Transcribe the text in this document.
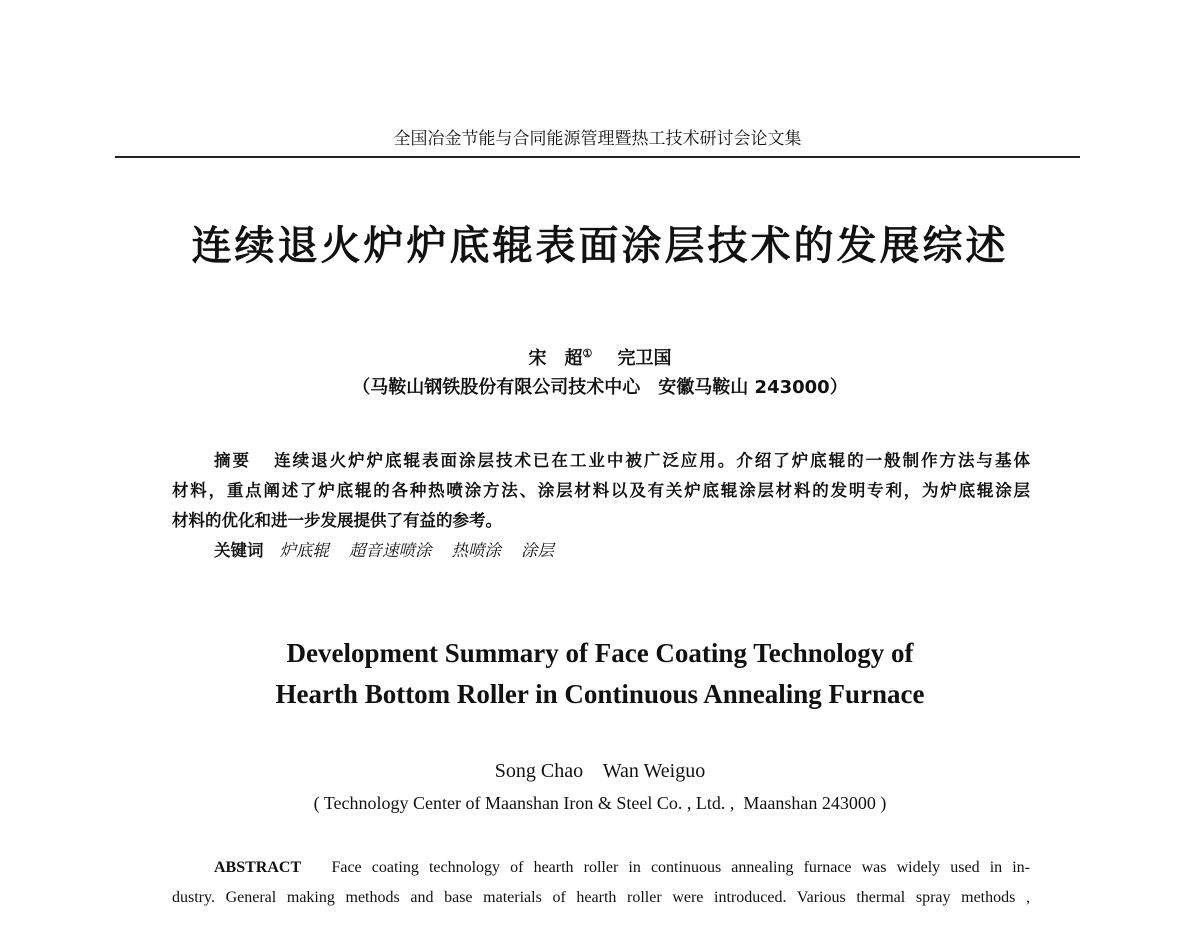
全国冶金节能与合同能源管理暨热工技术研讨会论文集
连续退火炉炉底辊表面涂层技术的发展综述
宋　超① 完卫国
（马鞍山钢铁股份有限公司技术中心　安徽马鞍山 243000）
摘要 连续退火炉炉底辊表面涂层技术已在工业中被广泛应用。介绍了炉底辊的一般制作方法与基体
材料，重点阐述了炉底辊的各种热喷涂方法、涂层材料以及有关炉底辊涂层材料的发明专利，为炉底辊涂层
材料的优化和进一步发展提供了有益的参考。
关键词 炉底辊 超音速喷涂 热喷涂 涂层
Development Summary of Face Coating Technology of
Hearth Bottom Roller in Continuous Annealing Furnace
Song Chao    Wan Weiguo
( Technology Center of Maanshan Iron & Steel Co. , Ltd. ,  Maanshan 243000 )
ABSTRACT Face coating technology of hearth roller in continuous annealing furnace was widely used in in-
dustry. General making methods and base materials of hearth roller were introduced. Various thermal spray methods ,
